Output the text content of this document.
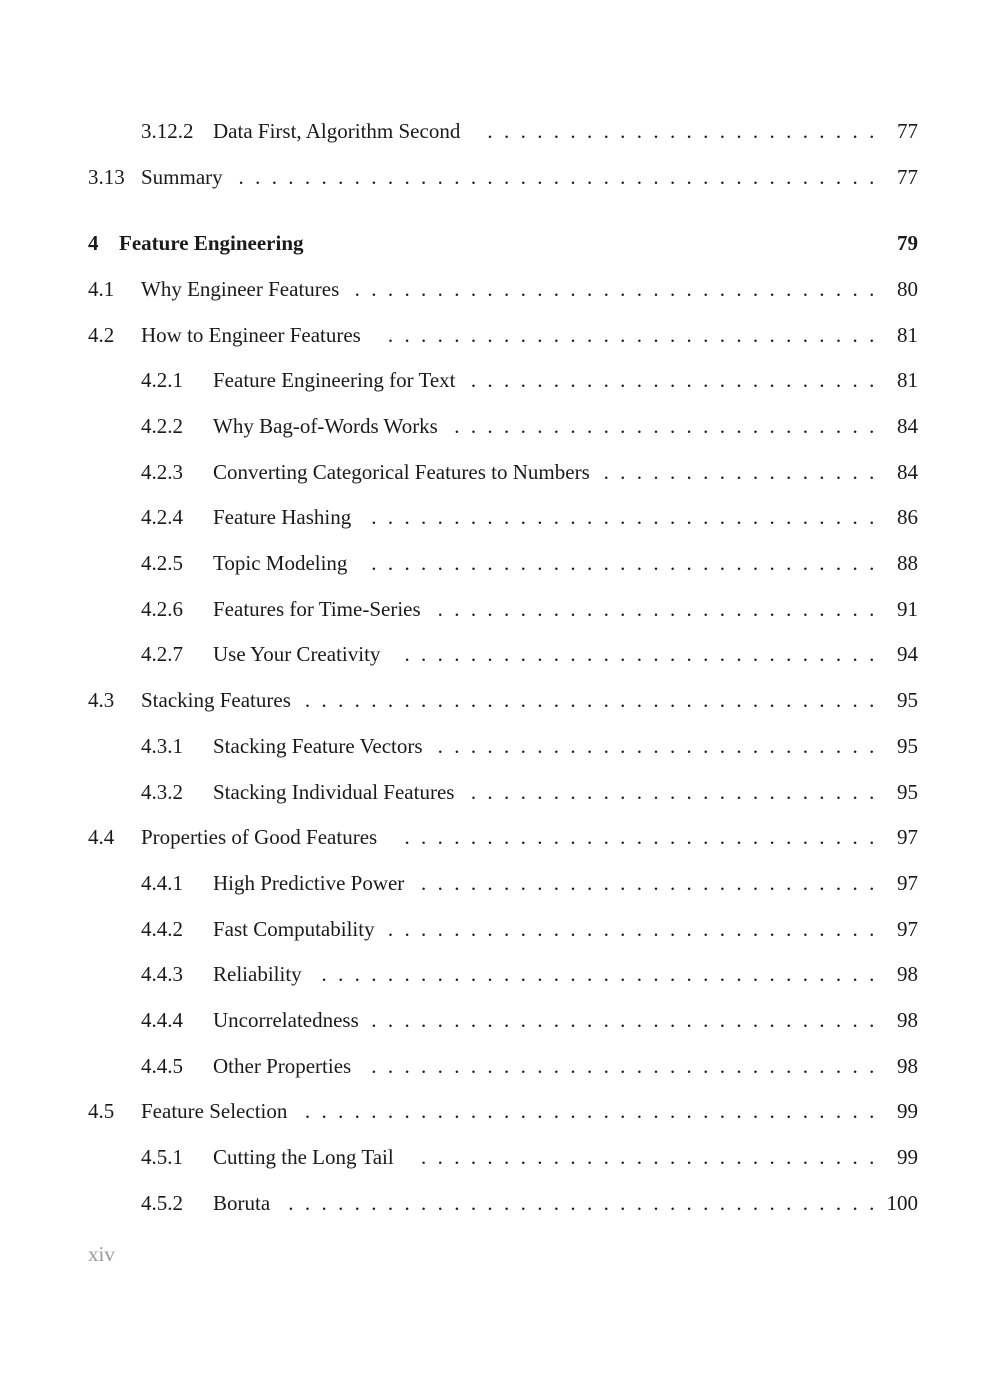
3.12.2 Data First, Algorithm Second	77
. . . . . . . . . . . . . . . . . . . . . . . .
3.13 Summary	77
. . . . . . . . . . . . . . . . . . . . . . . . . . . . . . . . . . . . . . .
4 Feature Engineering	79
4.1 Why Engineer Features	80
. . . . . . . . . . . . . . . . . . . . . . . . . . . . . . . .
4.2 How to Engineer Features	81
. . . . . . . . . . . . . . . . . . . . . . . . . . . . . .
4.2.1 Feature Engineering for Text	81
. . . . . . . . . . . . . . . . . . . . . . . . .
4.2.2 Why Bag-of-Words Works	84
. . . . . . . . . . . . . . . . . . . . . . . . . .
4.2.3 Converting Categorical Features to Numbers	84
. . . . . . . . . . . . . . . . .
4.2.4 Feature Hashing	86
. . . . . . . . . . . . . . . . . . . . . . . . . . . . . . .
4.2.5 Topic Modeling	88
. . . . . . . . . . . . . . . . . . . . . . . . . . . . . . .
4.2.6 Features for Time-Series	91
. . . . . . . . . . . . . . . . . . . . . . . . . . .
4.2.7 Use Your Creativity	94
. . . . . . . . . . . . . . . . . . . . . . . . . . . . .
4.3 Stacking Features	95
. . . . . . . . . . . . . . . . . . . . . . . . . . . . . . . . . . .
4.3.1 Stacking Feature Vectors	95
. . . . . . . . . . . . . . . . . . . . . . . . . . .
4.3.2 Stacking Individual Features	95
. . . . . . . . . . . . . . . . . . . . . . . . .
4.4 Properties of Good Features	97
. . . . . . . . . . . . . . . . . . . . . . . . . . . . .
4.4.1 High Predictive Power	97
. . . . . . . . . . . . . . . . . . . . . . . . . . . .
4.4.2 Fast Computability	97
. . . . . . . . . . . . . . . . . . . . . . . . . . . . . .
4.4.3 Reliability	98
. . . . . . . . . . . . . . . . . . . . . . . . . . . . . . . . . .
4.4.4 Uncorrelatedness	98
. . . . . . . . . . . . . . . . . . . . . . . . . . . . . . .
4.4.5 Other Properties	98
. . . . . . . . . . . . . . . . . . . . . . . . . . . . . . .
4.5 Feature Selection	99
. . . . . . . . . . . . . . . . . . . . . . . . . . . . . . . . . . .
4.5.1 Cutting the Long Tail	99
. . . . . . . . . . . . . . . . . . . . . . . . . . . .
4.5.2 Boruta	100
. . . . . . . . . . . . . . . . . . . . . . . . . . . . . . . . . . . .
xiv
